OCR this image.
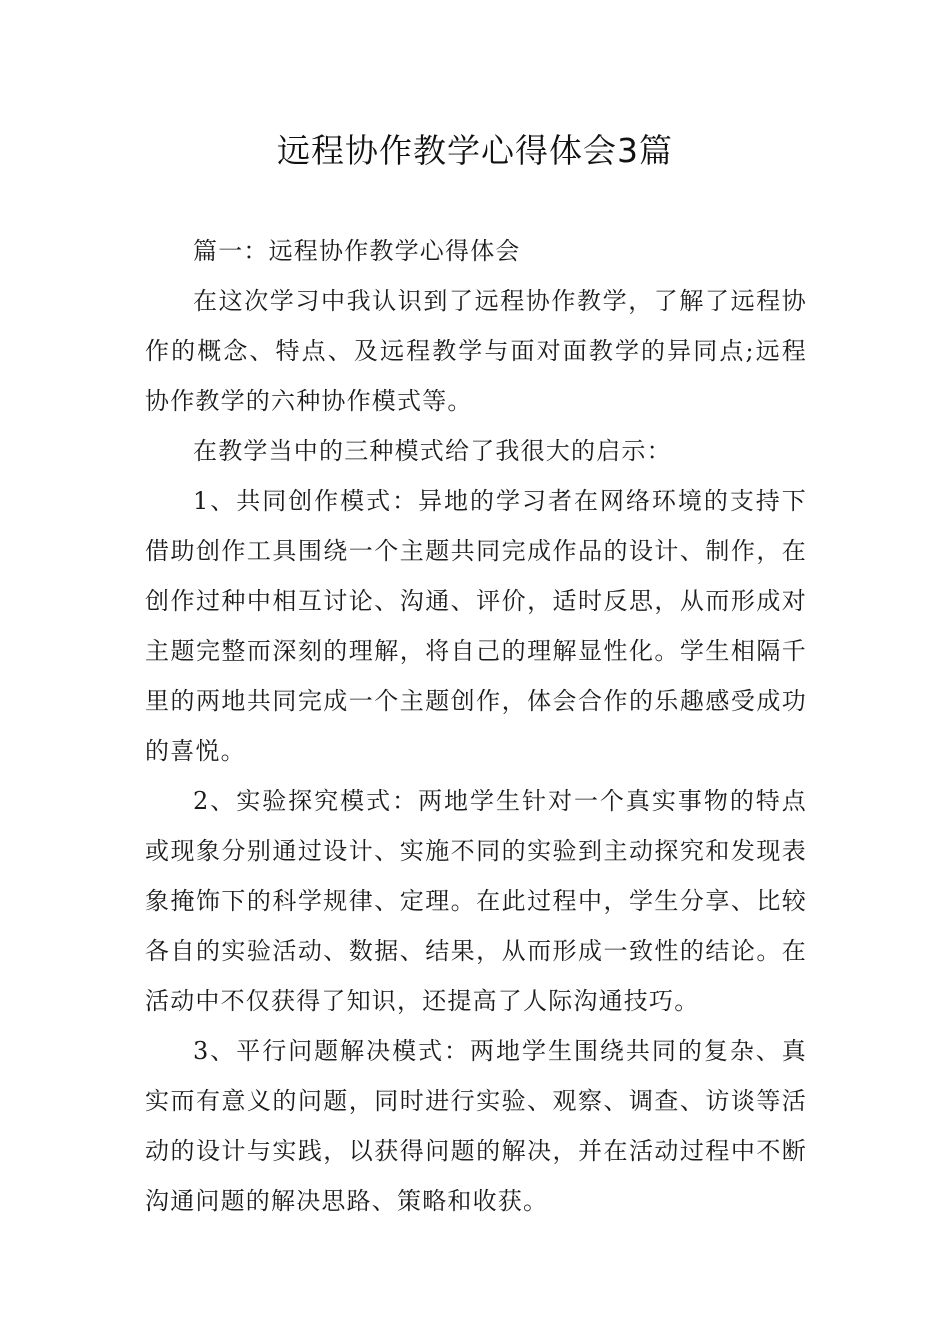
远程协作教学心得体会3篇

篇一：远程协作教学心得体会

在这次学习中我认识到了远程协作教学，了解了远程协作的概念、特点、及远程教学与面对面教学的异同点;远程协作教学的六种协作模式等。

在教学当中的三种模式给了我很大的启示：

1、共同创作模式：异地的学习者在网络环境的支持下借助创作工具围绕一个主题共同完成作品的设计、制作，在创作过种中相互讨论、沟通、评价，适时反思，从而形成对主题完整而深刻的理解，将自己的理解显性化。学生相隔千里的两地共同完成一个主题创作，体会合作的乐趣感受成功的喜悦。

2、实验探究模式：两地学生针对一个真实事物的特点或现象分别通过设计、实施不同的实验到主动探究和发现表象掩饰下的科学规律、定理。在此过程中，学生分享、比较各自的实验活动、数据、结果，从而形成一致性的结论。在活动中不仅获得了知识，还提高了人际沟通技巧。

3、平行问题解决模式：两地学生围绕共同的复杂、真实而有意义的问题，同时进行实验、观察、调查、访谈等活动的设计与实践，以获得问题的解决，并在活动过程中不断沟通问题的解决思路、策略和收获。
